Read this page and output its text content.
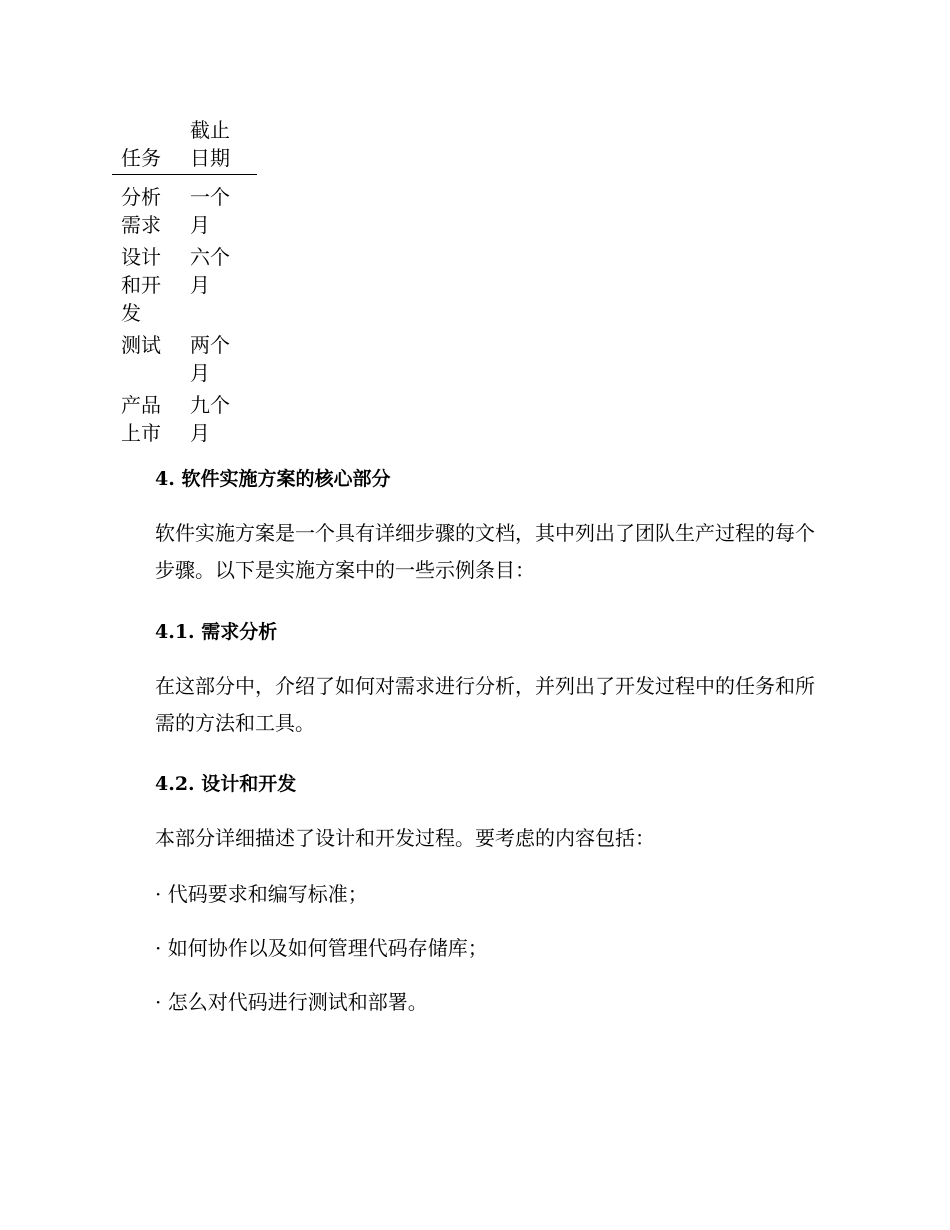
任务
截止
日期
分析
需求
一个
月
设计
和开
发
六个
月
测试	两个
月
产品
上市
九个
月
4. 软件实施方案的核心部分
软件实施方案是一个具有详细步骤的文档，其中列出了团队生产过程的每个步骤。以下是实施方案中的一些示例条目：
4.1. 需求分析
在这部分中，介绍了如何对需求进行分析，并列出了开发过程中的任务和所需的方法和工具。
4.2. 设计和开发
本部分详细描述了设计和开发过程。要考虑的内容包括：
· 代码要求和编写标准；
· 如何协作以及如何管理代码存储库；
· 怎么对代码进行测试和部署。
